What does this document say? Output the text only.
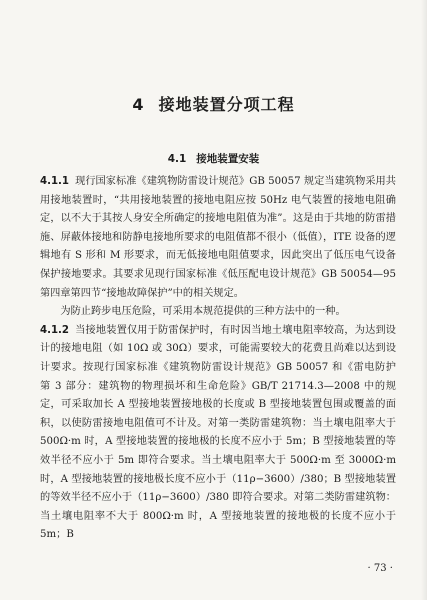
4 接地装置分项工程
4.1 接地装置安装

4.1.1 现行国家标准《建筑物防雷设计规范》GB 50057 规定当建筑物采用共用接地装置时，“共用接地装置的接地电阻应按 50Hz 电气装置的接地电阻确定，以不大于其按人身安全所确定的接地电阻值为准”。这是由于共地的防雷措施、屏蔽体接地和防静电接地所要求的电阻值都不很小（低值），ITE 设备的逻辑地有 S 形和 M 形要求，而无低接地电阻值要求，因此突出了低压电气设备保护接地要求。其要求见现行国家标准《低压配电设计规范》GB 50054—95 第四章第四节“接地故障保护”中的相关规定。

为防止跨步电压危险，可采用本规范提供的三种方法中的一种。

4.1.2 当接地装置仅用于防雷保护时，有时因当地土壤电阻率较高，为达到设计的接地电阻（如 10Ω 或 30Ω）要求，可能需要较大的花费且尚难以达到设计要求。按现行国家标准《建筑物防雷设计规范》GB 50057 和《雷电防护　第 3 部分：建筑物的物理损坏和生命危险》GB/T 21714.3—2008 中的规定，可采取加长 A 型接地装置接地极的长度或 B 型接地装置包围或覆盖的面积，以使防雷接地电阻值可不计及。对第一类防雷建筑物：当土壤电阻率大于 500Ω·m 时，A 型接地装置的接地极的长度不应小于 5m；B 型接地装置的等效半径不应小于 5m 即符合要求。当土壤电阻率大于 500Ω·m 至 3000Ω·m 时，A 型接地装置的接地极长度不应小于（11ρ−3600）/380；B 型接地装置的等效半径不应小于（11ρ−3600）/380 即符合要求。对第二类防雷建筑物：当土壤电阻率不大于 800Ω·m 时，A 型接地装置的接地极的长度不应小于 5m；B

· 73 ·
